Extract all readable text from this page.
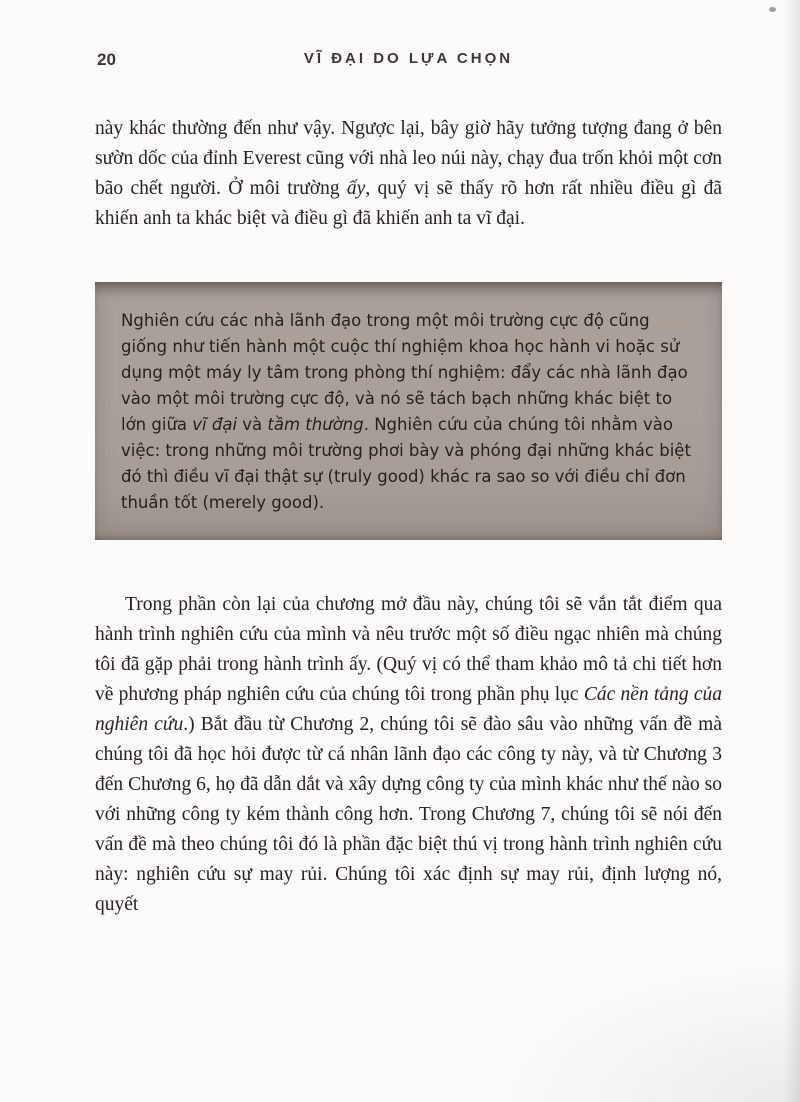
20	VĨ ĐẠI DO LỰA CHỌN

này khác thường đến như vậy. Ngược lại, bây giờ hãy tưởng tượng đang ở bên sườn dốc của đỉnh Everest cũng với nhà leo núi này, chạy đua trốn khỏi một cơn bão chết người. Ở môi trường ấy, quý vị sẽ thấy rõ hơn rất nhiều điều gì đã khiến anh ta khác biệt và điều gì đã khiến anh ta vĩ đại.

Nghiên cứu các nhà lãnh đạo trong một môi trường cực độ cũng giống như tiến hành một cuộc thí nghiệm khoa học hành vi hoặc sử dụng một máy ly tâm trong phòng thí nghiệm: đẩy các nhà lãnh đạo vào một môi trường cực độ, và nó sẽ tách bạch những khác biệt to lớn giữa vĩ đại và tầm thường. Nghiên cứu của chúng tôi nhằm vào việc: trong những môi trường phơi bày và phóng đại những khác biệt đó thì điều vĩ đại thật sự (truly good) khác ra sao so với điều chỉ đơn thuần tốt (merely good).

Trong phần còn lại của chương mở đầu này, chúng tôi sẽ vắn tắt điểm qua hành trình nghiên cứu của mình và nêu trước một số điều ngạc nhiên mà chúng tôi đã gặp phải trong hành trình ấy. (Quý vị có thể tham khảo mô tả chi tiết hơn về phương pháp nghiên cứu của chúng tôi trong phần phụ lục Các nền tảng của nghiên cứu.) Bắt đầu từ Chương 2, chúng tôi sẽ đào sâu vào những vấn đề mà chúng tôi đã học hỏi được từ cá nhân lãnh đạo các công ty này, và từ Chương 3 đến Chương 6, họ đã dẫn dắt và xây dựng công ty của mình khác như thế nào so với những công ty kém thành công hơn. Trong Chương 7, chúng tôi sẽ nói đến vấn đề mà theo chúng tôi đó là phần đặc biệt thú vị trong hành trình nghiên cứu này: nghiên cứu sự may rủi. Chúng tôi xác định sự may rủi, định lượng nó, quyết
